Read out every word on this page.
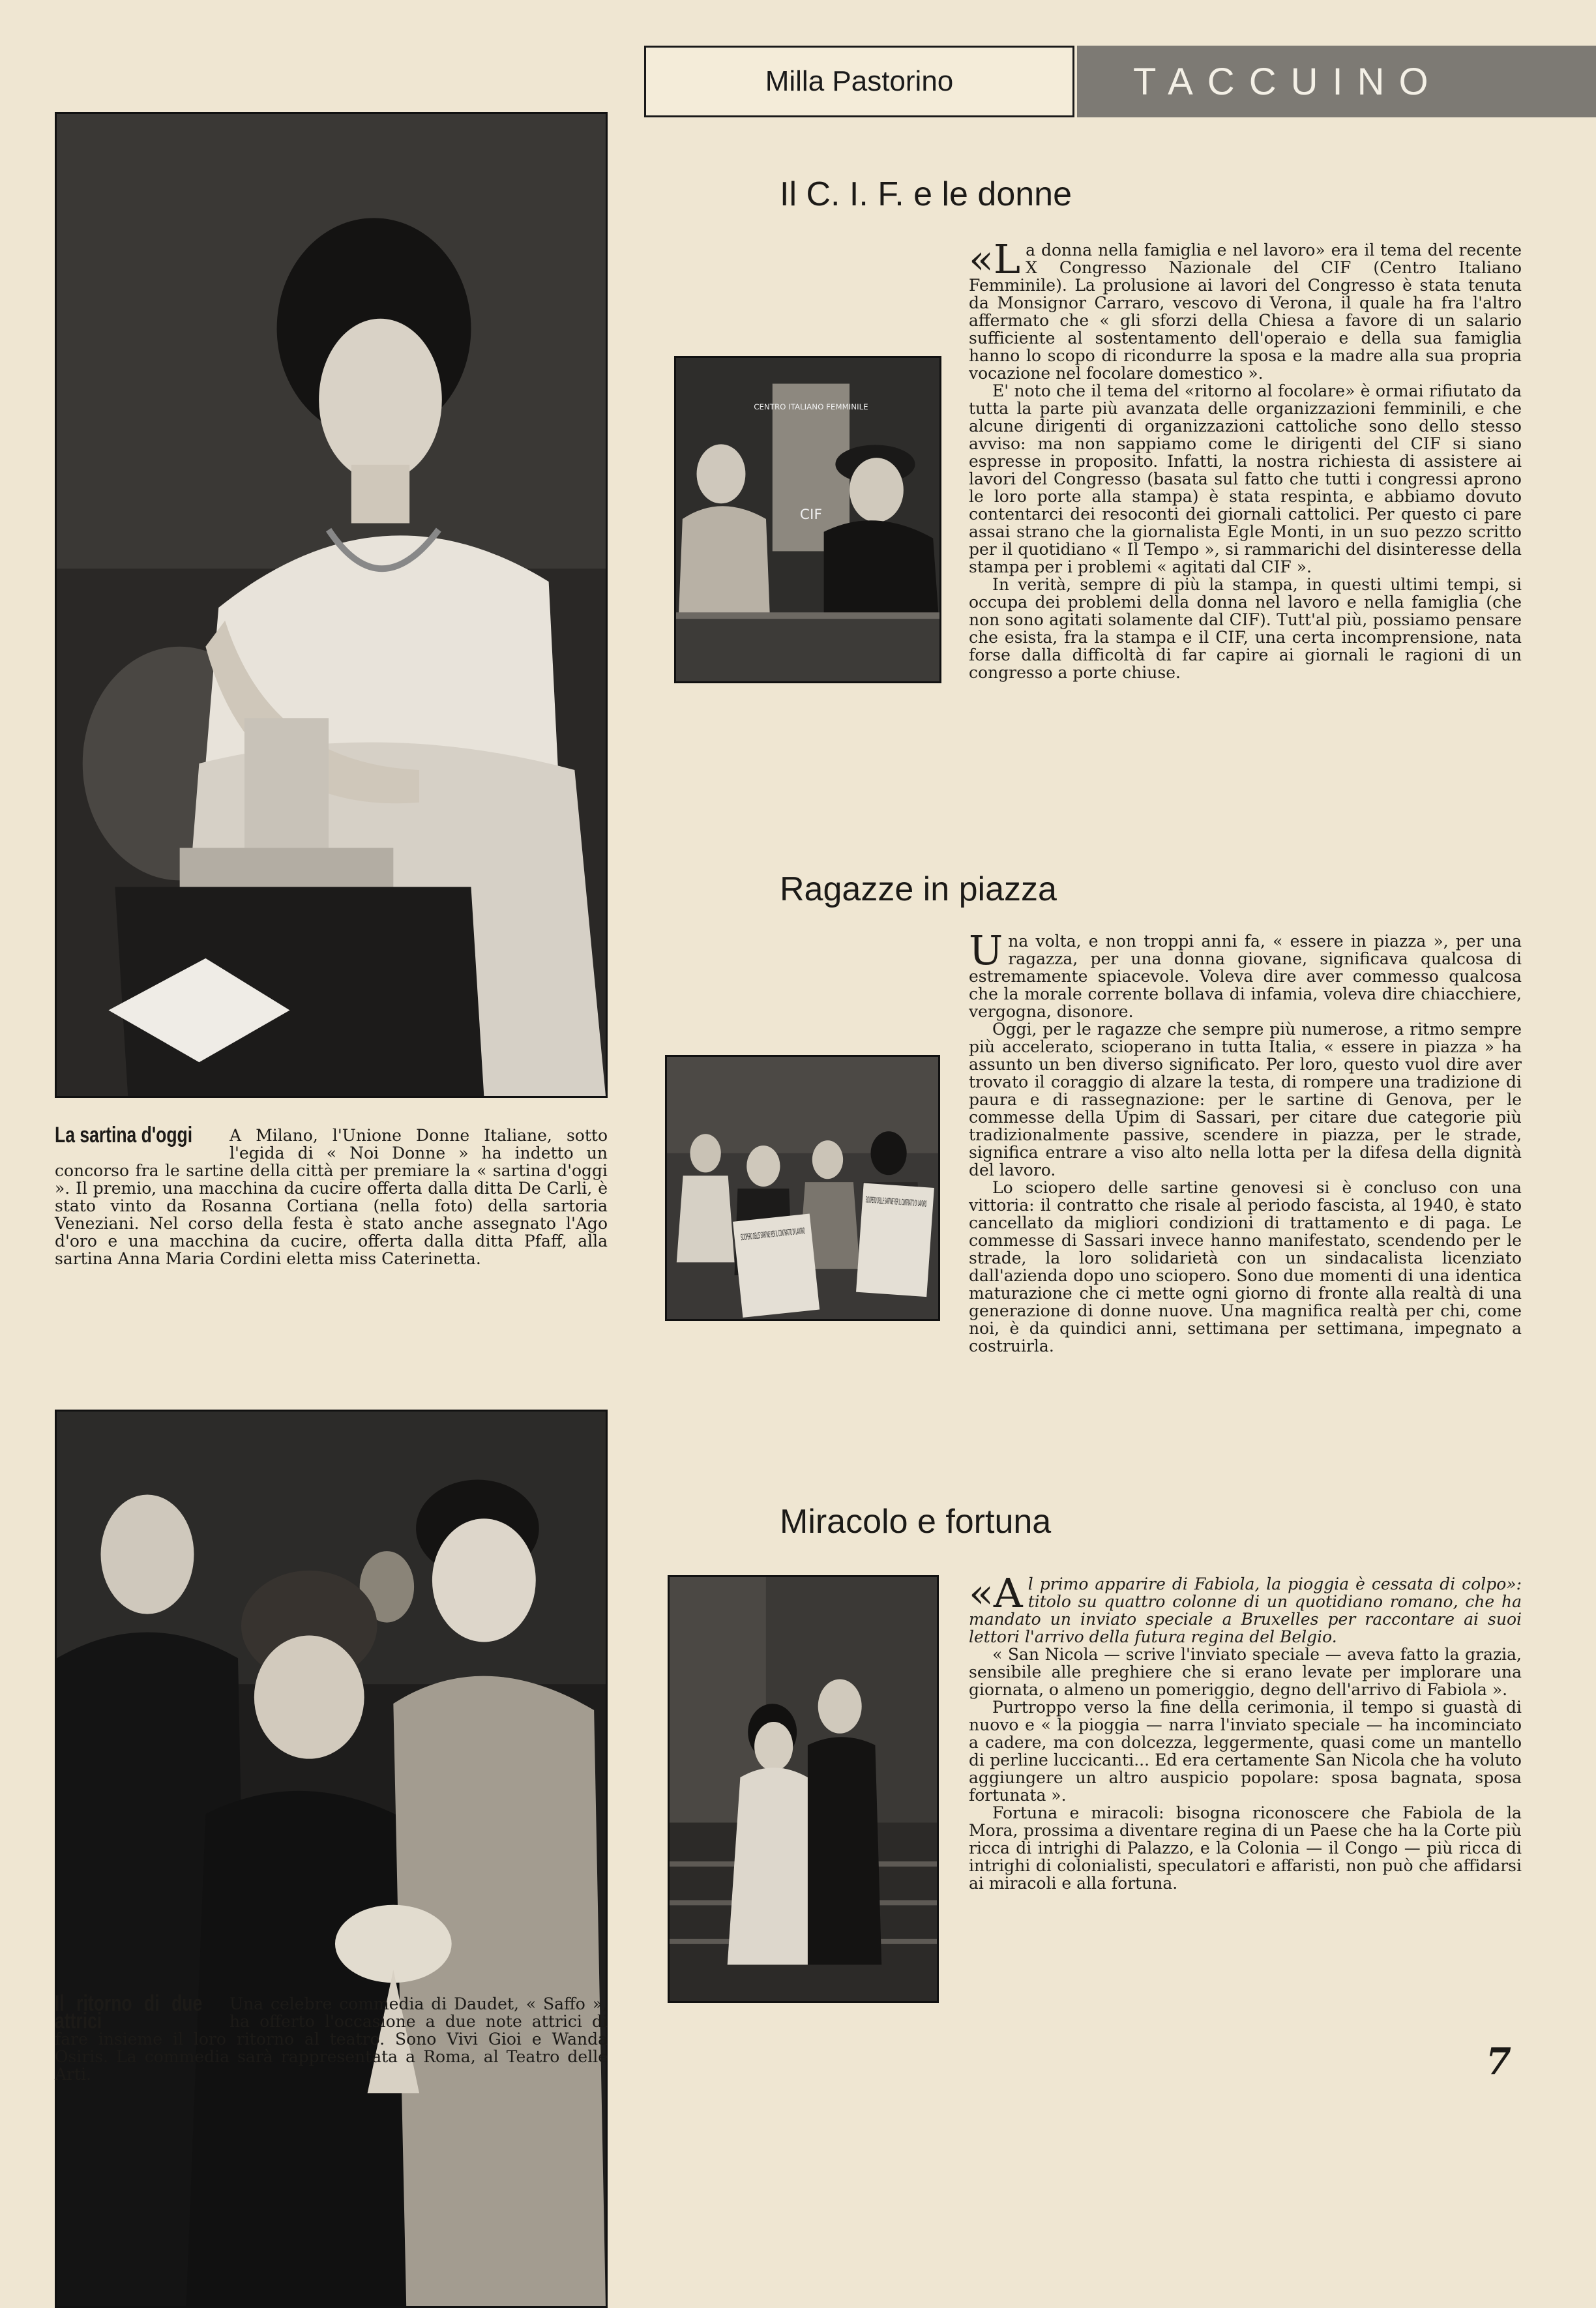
Milla Pastorino	TACCUINO
La sartina d'oggi	A Milano, l'Unione Donne Italiane, sotto l'egida di « Noi Donne » ha indetto un concorso fra le sartine della città per premiare la « sartina d'oggi ». Il premio, una macchina da cucire offerta dalla ditta De Carli, è stato vinto da Rosanna Cortiana (nella foto) della sartoria Veneziani. Nel corso della festa è stato anche assegnato l'Ago d'oro e una macchina da cucire, offerta dalla ditta Pfaff, alla sartina Anna Maria Cordini eletta miss Caterinetta.
Il ritorno di due attrici
Una celebre commedia di Daudet, « Saffo », ha offerto l'occasione a due note attrici di fare insieme il loro ritorno al teatro. Sono Vivi Gioi e Wanda Osiris. La commedia sarà rappresentata a Roma, al Teatro delle Arti.
Il C. I. F. e le donne
CENTRO ITALIANO FEMMINILE
CIF

«La donna nella famiglia e nel lavoro» era il tema del recente X Congresso Nazionale del CIF (Centro Italiano Femminile). La prolusione ai lavori del Congresso è stata tenuta da Monsignor Carraro, vescovo di Verona, il quale ha fra l'altro affermato che « gli sforzi della Chiesa a favore di un salario sufficiente al sostentamento dell'operaio e della sua famiglia hanno lo scopo di ricondurre la sposa e la madre alla sua propria vocazione nel focolare domestico ».

E' noto che il tema del «ritorno al focolare» è ormai rifiutato da tutta la parte più avanzata delle organizzazioni femminili, e che alcune dirigenti di organizzazioni cattoliche sono dello stesso avviso: ma non sappiamo come le dirigenti del CIF si siano espresse in proposito. Infatti, la nostra richiesta di assistere ai lavori del Congresso (basata sul fatto che tutti i congressi aprono le loro porte alla stampa) è stata respinta, e abbiamo dovuto contentarci dei resoconti dei giornali cattolici. Per questo ci pare assai strano che la giornalista Egle Monti, in un suo pezzo scritto per il quotidiano « Il Tempo », si rammarichi del disinteresse della stampa per i problemi « agitati dal CIF ».

In verità, sempre di più la stampa, in questi ultimi tempi, si occupa dei problemi della donna nel lavoro e nella famiglia (che non sono agitati solamente dal CIF). Tutt'al più, possiamo pensare che esista, fra la stampa e il CIF, una certa incomprensione, nata forse dalla difficoltà di far capire ai giornali le ragioni di un congresso a porte chiuse.

Ragazze in piazza

Una volta, e non troppi anni fa, « essere in piazza », per una ragazza, per una donna giovane, significava qualcosa di estremamente spiacevole. Voleva dire aver commesso qualcosa che la morale corrente bollava di infamia, voleva dire chiacchiere, vergogna, disonore.

Oggi, per le ragazze che sempre più numerose, a ritmo sempre più accelerato, scioperano in tutta Italia, « essere in piazza » ha assunto un ben diverso significato. Per loro, questo vuol dire aver trovato il coraggio di alzare la testa, di rompere una tradizione di paura e di rassegnazione: per le sartine di Genova, per le commesse della Upim di Sassari, per citare due categorie più tradizionalmente passive, scendere in piazza, per le strade, significa entrare a viso alto nella lotta per la difesa della dignità del lavoro.

Lo sciopero delle sartine genovesi si è concluso con una vittoria: il contratto che risale al periodo fascista, al 1940, è stato cancellato da migliori condizioni di trattamento e di paga. Le commesse di Sassari invece hanno manifestato, scendendo per le strade, la loro solidarietà con un sindacalista licenziato dall'azienda dopo uno sciopero. Sono due momenti di una identica maturazione che ci mette ogni giorno di fronte alla realtà di una generazione di donne nuove. Una magnifica realtà per chi, come noi, è da quindici anni, settimana per settimana, impegnato a costruirla.

Miracolo e fortuna

«Al primo apparire di Fabiola, la pioggia è cessata di colpo»: titolo su quattro colonne di un quotidiano romano, che ha mandato un inviato speciale a Bruxelles per raccontare ai suoi lettori l'arrivo della futura regina del Belgio.

« San Nicola — scrive l'inviato speciale — aveva fatto la grazia, sensibile alle preghiere che si erano levate per implorare una giornata, o almeno un pomeriggio, degno dell'arrivo di Fabiola ».

Purtroppo verso la fine della cerimonia, il tempo si guastà di nuovo e « la pioggia — narra l'inviato speciale — ha incominciato a cadere, ma con dolcezza, leggermente, quasi come un mantello di perline luccicanti... Ed era certamente San Nicola che ha voluto aggiungere un altro auspicio popolare: sposa bagnata, sposa fortunata ».

Fortuna e miracoli: bisogna riconoscere che Fabiola de la Mora, prossima a diventare regina di un Paese che ha la Corte più ricca di intrighi di Palazzo, e la Colonia — il Congo — più ricca di intrighi di colonialisti, speculatori e affaristi, non può che affidarsi ai miracoli e alla fortuna.

7
